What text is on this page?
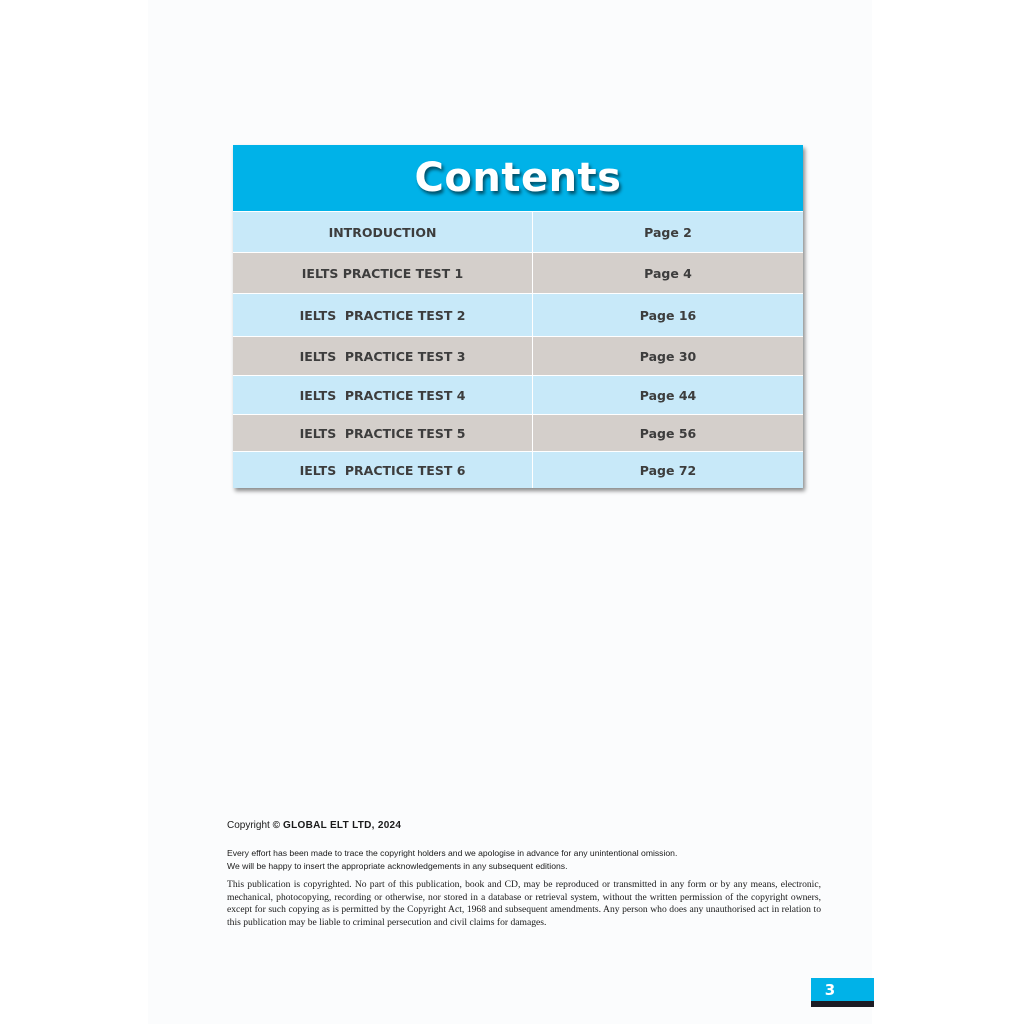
Contents
INTRODUCTION	Page 2
IELTS PRACTICE TEST 1	Page 4
IELTS  PRACTICE TEST 2	Page 16
IELTS  PRACTICE TEST 3	Page 30
IELTS  PRACTICE TEST 4	Page 44
IELTS  PRACTICE TEST 5	Page 56
IELTS  PRACTICE TEST 6	Page 72
Copyright © GLOBAL ELT LTD, 2024
Every effort has been made to trace the copyright holders and we apologise in advance for any unintentional omission.
We will be happy to insert the appropriate acknowledgements in any subsequent editions.
This publication is copyrighted. No part of this publication, book and CD, may be reproduced or transmitted in any form or by any means, electronic, mechanical, photocopying, recording or otherwise, nor stored in a database or retrieval system, without the written permission of the copyright owners, except for such copying as is permitted by the Copyright Act, 1968 and subsequent amendments. Any person who does any unauthorised act in relation to this publication may be liable to criminal persecution and civil claims for damages.
3
